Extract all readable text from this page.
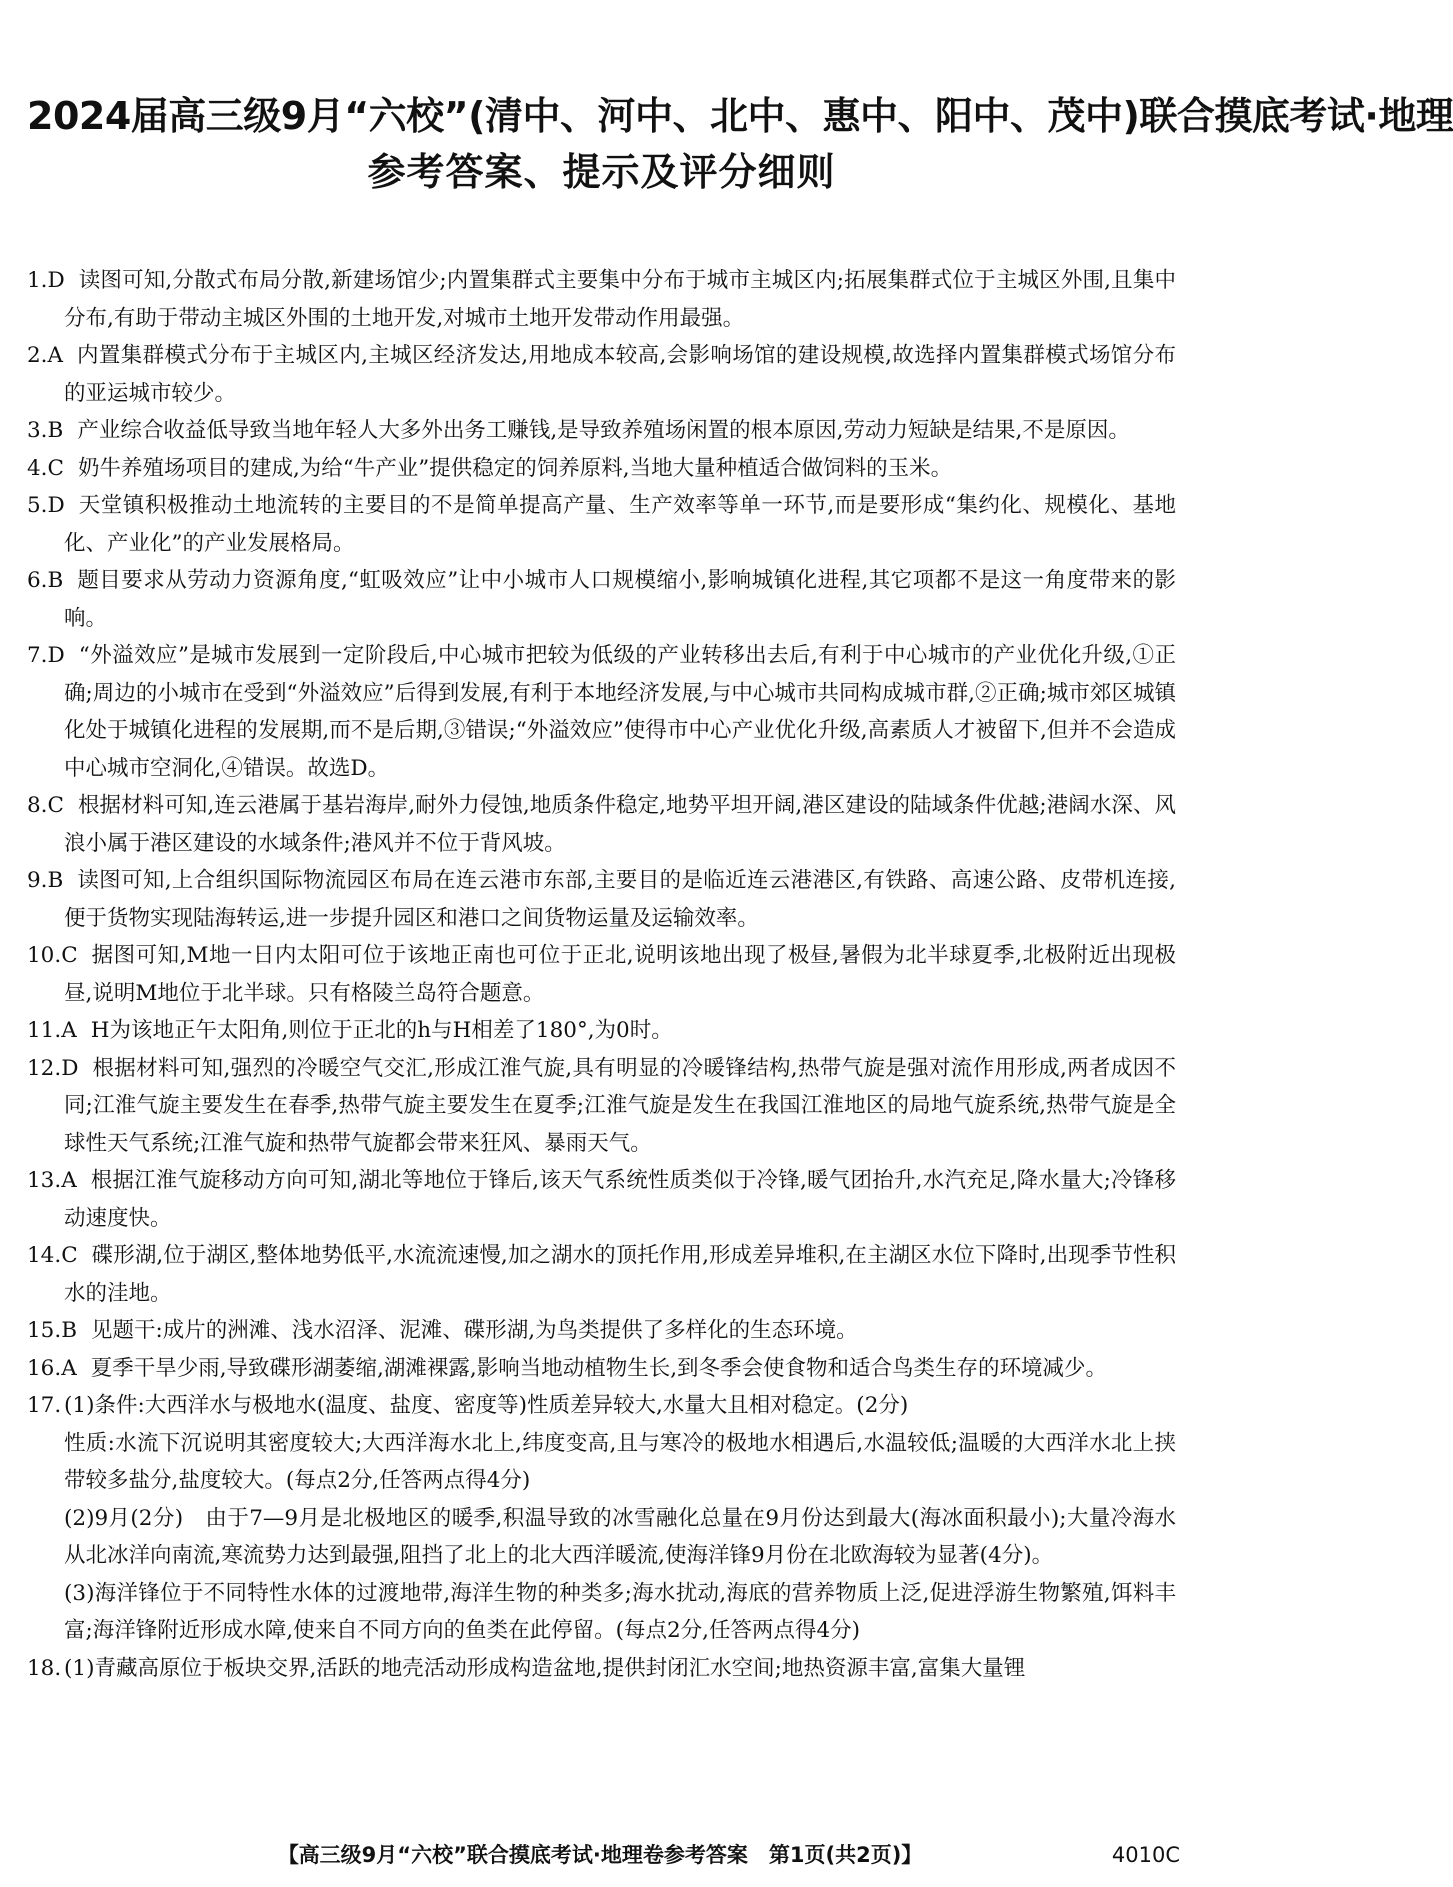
2024届高三级9月“六校”(清中、河中、北中、惠中、阳中、茂中)联合摸底考试·地理
参考答案、提示及评分细则
1.D 读图可知,分散式布局分散,新建场馆少;内置集群式主要集中分布于城市主城区内;拓展集群式位于主城区外围,且集中分布,有助于带动主城区外围的土地开发,对城市土地开发带动作用最强。

2.A 内置集群模式分布于主城区内,主城区经济发达,用地成本较高,会影响场馆的建设规模,故选择内置集群模式场馆分布的亚运城市较少。

3.B 产业综合收益低导致当地年轻人大多外出务工赚钱,是导致养殖场闲置的根本原因,劳动力短缺是结果,不是原因。

4.C 奶牛养殖场项目的建成,为给“牛产业”提供稳定的饲养原料,当地大量种植适合做饲料的玉米。

5.D 天堂镇积极推动土地流转的主要目的不是简单提高产量、生产效率等单一环节,而是要形成“集约化、规模化、基地化、产业化”的产业发展格局。

6.B 题目要求从劳动力资源角度,“虹吸效应”让中小城市人口规模缩小,影响城镇化进程,其它项都不是这一角度带来的影响。

7.D “外溢效应”是城市发展到一定阶段后,中心城市把较为低级的产业转移出去后,有利于中心城市的产业优化升级,①正确;周边的小城市在受到“外溢效应”后得到发展,有利于本地经济发展,与中心城市共同构成城市群,②正确;城市郊区城镇化处于城镇化进程的发展期,而不是后期,③错误;“外溢效应”使得市中心产业优化升级,高素质人才被留下,但并不会造成中心城市空洞化,④错误。故选D。

8.C 根据材料可知,连云港属于基岩海岸,耐外力侵蚀,地质条件稳定,地势平坦开阔,港区建设的陆域条件优越;港阔水深、风浪小属于港区建设的水域条件;港风并不位于背风坡。

9.B 读图可知,上合组织国际物流园区布局在连云港市东部,主要目的是临近连云港港区,有铁路、高速公路、皮带机连接,便于货物实现陆海转运,进一步提升园区和港口之间货物运量及运输效率。

10.C 据图可知,M地一日内太阳可位于该地正南也可位于正北,说明该地出现了极昼,暑假为北半球夏季,北极附近出现极昼,说明M地位于北半球。只有格陵兰岛符合题意。

11.A H为该地正午太阳角,则位于正北的h与H相差了180°,为0时。

12.D 根据材料可知,强烈的冷暖空气交汇,形成江淮气旋,具有明显的冷暖锋结构,热带气旋是强对流作用形成,两者成因不同;江淮气旋主要发生在春季,热带气旋主要发生在夏季;江淮气旋是发生在我国江淮地区的局地气旋系统,热带气旋是全球性天气系统;江淮气旋和热带气旋都会带来狂风、暴雨天气。

13.A 根据江淮气旋移动方向可知,湖北等地位于锋后,该天气系统性质类似于冷锋,暖气团抬升,水汽充足,降水量大;冷锋移动速度快。

14.C 碟形湖,位于湖区,整体地势低平,水流流速慢,加之湖水的顶托作用,形成差异堆积,在主湖区水位下降时,出现季节性积水的洼地。

15.B 见题干:成片的洲滩、浅水沼泽、泥滩、碟形湖,为鸟类提供了多样化的生态环境。

16.A 夏季干旱少雨,导致碟形湖萎缩,湖滩裸露,影响当地动植物生长,到冬季会使食物和适合鸟类生存的环境减少。

17. (1)条件:大西洋水与极地水(温度、盐度、密度等)性质差异较大,水量大且相对稳定。(2分)

性质:水流下沉说明其密度较大;大西洋海水北上,纬度变高,且与寒冷的极地水相遇后,水温较低;温暖的大西洋水北上挟带较多盐分,盐度较大。(每点2分,任答两点得4分)

(2)9月(2分)　由于7—9月是北极地区的暖季,积温导致的冰雪融化总量在9月份达到最大(海冰面积最小);大量冷海水从北冰洋向南流,寒流势力达到最强,阻挡了北上的北大西洋暖流,使海洋锋9月份在北欧海较为显著(4分)。

(3)海洋锋位于不同特性水体的过渡地带,海洋生物的种类多;海水扰动,海底的营养物质上泛,促进浮游生物繁殖,饵料丰富;海洋锋附近形成水障,使来自不同方向的鱼类在此停留。(每点2分,任答两点得4分)

18. (1)青藏高原位于板块交界,活跃的地壳活动形成构造盆地,提供封闭汇水空间;地热资源丰富,富集大量锂

【高三级9月“六校”联合摸底考试·地理卷参考答案　第1页(共2页)】	4010C
